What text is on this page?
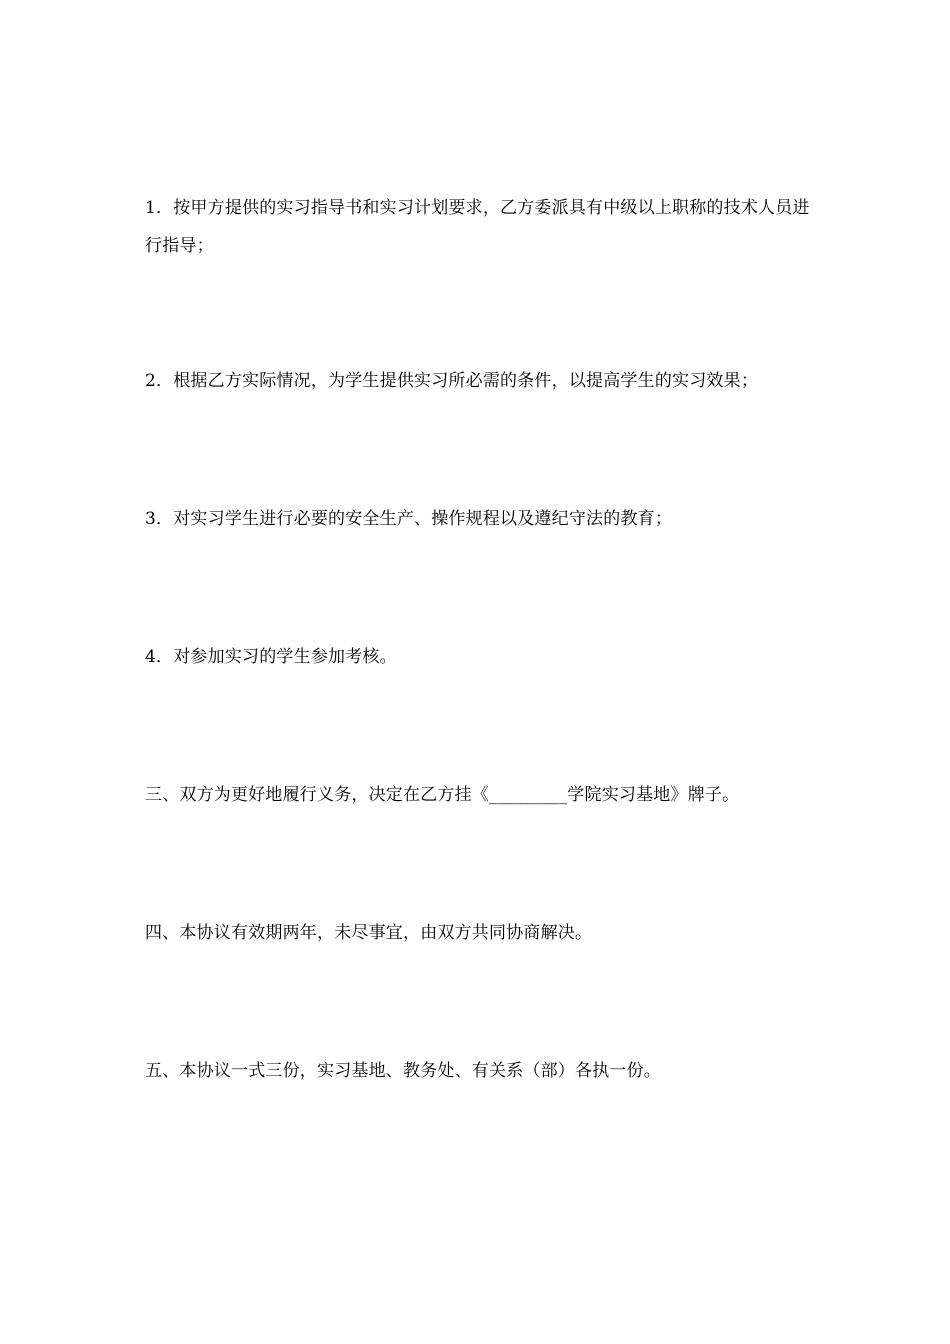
1．按甲方提供的实习指导书和实习计划要求，乙方委派具有中级以上职称的技术人员进行指导；

2．根据乙方实际情况，为学生提供实习所必需的条件，以提高学生的实习效果；

3．对实习学生进行必要的安全生产、操作规程以及遵纪守法的教育；

4．对参加实习的学生参加考核。

三、双方为更好地履行义务，决定在乙方挂《_________学院实习基地》牌子。

四、本协议有效期两年，未尽事宜，由双方共同协商解决。

五、本协议一式三份，实习基地、教务处、有关系（部）各执一份。
